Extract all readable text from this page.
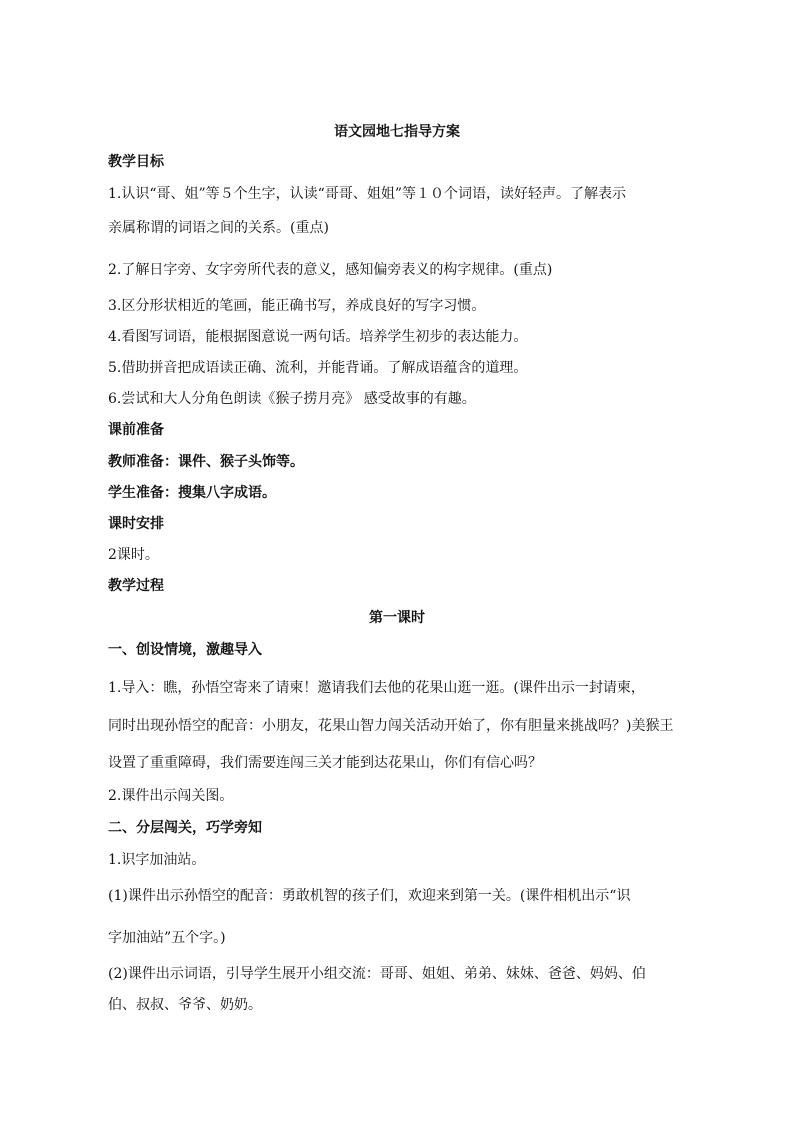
语文园地七指导方案
教学目标
1.认识“哥、姐”等５个生字，认读“哥哥、姐姐”等１０个词语，读好轻声。了解表示
亲属称谓的词语之间的关系。(重点)
2.了解日字旁、女字旁所代表的意义，感知偏旁表义的构字规律。(重点)
3.区分形状相近的笔画，能正确书写，养成良好的写字习惯。
4.看图写词语，能根据图意说一两句话。培养学生初步的表达能力。
5.借助拼音把成语读正确、流利，并能背诵。了解成语蕴含的道理。
6.尝试和大人分角色朗读《猴子捞月亮》 感受故事的有趣。
课前准备
教师准备：课件、猴子头饰等。
学生准备：搜集八字成语。
课时安排
2课时。
教学过程
第一课时
一、创设情境，激趣导入
1.导入：瞧，孙悟空寄来了请柬！邀请我们去他的花果山逛一逛。(课件出示一封请柬，
同时出现孙悟空的配音：小朋友，花果山智力闯关活动开始了，你有胆量来挑战吗？)美猴王
设置了重重障碍，我们需要连闯三关才能到达花果山，你们有信心吗？
2.课件出示闯关图。
二、分层闯关，巧学旁知
1.识字加油站。
(1)课件出示孙悟空的配音：勇敢机智的孩子们，欢迎来到第一关。(课件相机出示“识
字加油站”五个字。)
(2)课件出示词语，引导学生展开小组交流：哥哥、姐姐、弟弟、妹妹、爸爸、妈妈、伯
伯、叔叔、爷爷、奶奶。
